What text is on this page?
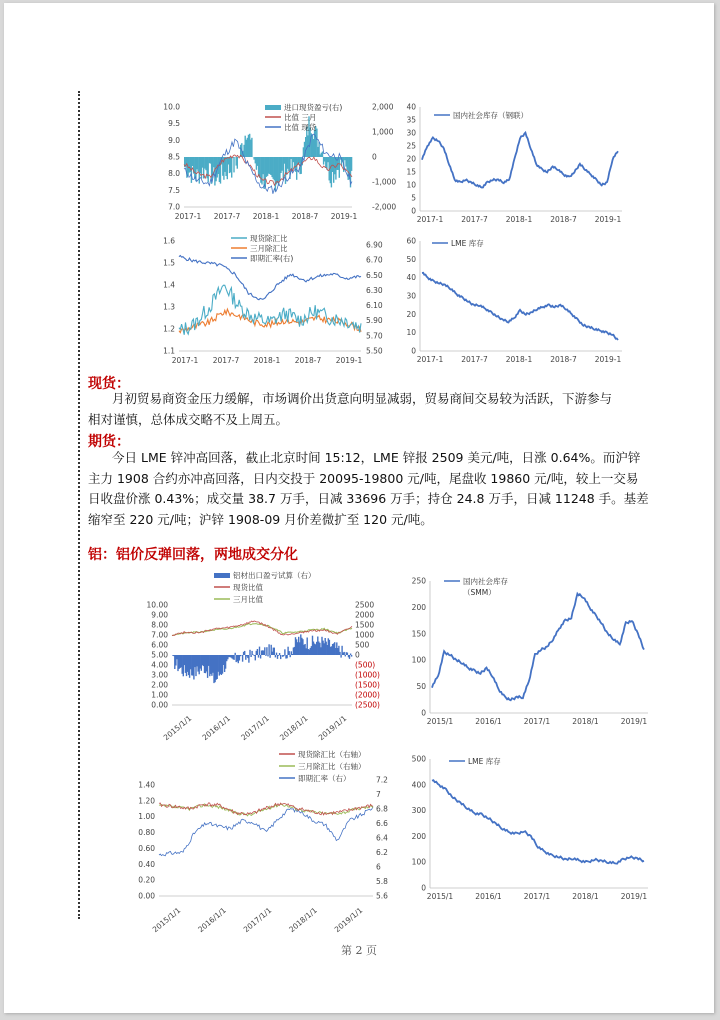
10.0
9.5
9.0
8.5
8.0
7.5
7.0
2,000
1,000
0
-1,000
-2,000
2017-1 2017-7 2018-1 2018-7 2019-1
进口现货盈亏(右)
比值 三月
比值 现货
40
35
30
25
20
15
10
5
0
2017-1 2017-7 2018-1 2018-7 2019-1
国内社会库存（钢联）
1.6
1.5
1.4
1.3
1.2
1.1
6.90
6.70
6.50
6.30
6.10
5.90
5.70
5.50
2017-1 2017-7 2018-1 2018-7 2019-1
现货除汇比
三月除汇比
即期汇率(右)
60
50
40
30
20
10
0
2017-1 2017-7 2018-1 2018-7 2019-1
LME 库存
现货：
月初贸易商资金压力缓解，市场调价出货意向明显减弱，贸易商间交易较为活跃，下游参与
相对谨慎，总体成交略不及上周五。
期货：
今日 LME 锌冲高回落，截止北京时间 15:12，LME 锌报 2509 美元/吨，日涨 0.64%。而沪锌
主力 1908 合约亦冲高回落，日内交投于 20095-19800 元/吨，尾盘收 19860 元/吨，较上一交易
日收盘价涨 0.43%；成交量 38.7 万手，日减 33696 万手；持仓 24.8 万手，日减 11248 手。基差
缩窄至 220 元/吨；沪锌 1908-09 月价差微扩至 120 元/吨。
铝：铝价反弹回落，两地成交分化
10.00
9.00
8.00
7.00
6.00
5.00
4.00
3.00
2.00
1.00
0.00
2500
2000
1500
1000
500
0
(500)
(1000)
(1500)
(2000)
(2500)
2015/1/1 2016/1/1 2017/1/1 2018/1/1 2019/1/1
铝材出口盈亏试算（右）
现货比值
三月比值
250
200
150
100
50
0
2015/1	2016/1	2017/1	2018/1	2019/1
国内社会库存
（SMM）
1.40
1.20
1.00
0.80
0.60
0.40
0.20
0.00
7.2
7
6.8
6.6
6.4
6.2
6
5.8
5.6
2015/1/1 2016/1/1 2017/1/1 2018/1/1 2019/1/1
现货除汇比（右轴）
三月除汇比（右轴）
即期汇率（右）
500
400
300
200
100
0
2015/1	2016/1	2017/1	2018/1	2019/1
LME 库存
第 2 页
